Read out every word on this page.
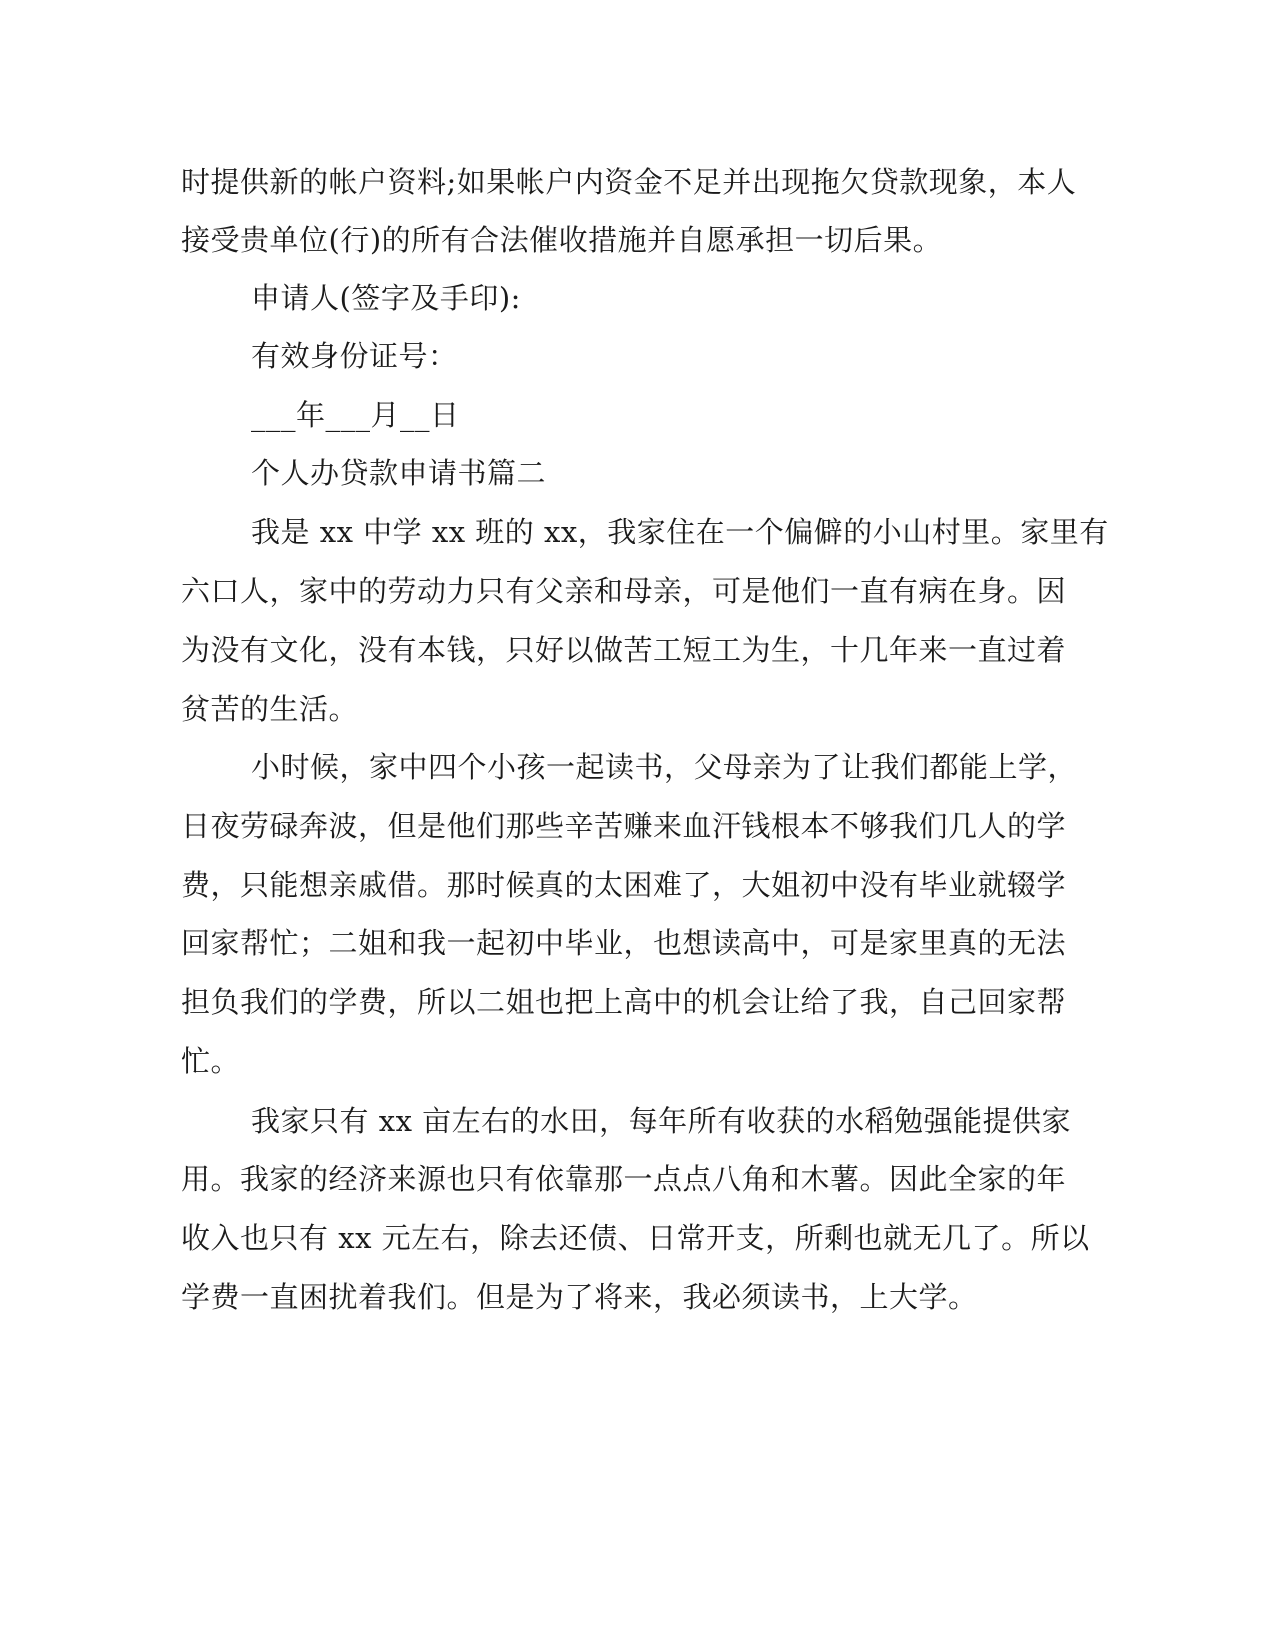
时提供新的帐户资料;如果帐户内资金不足并出现拖欠贷款现象，本人

接受贵单位(行)的所有合法催收措施并自愿承担一切后果。

申请人(签字及手印):

有效身份证号：

___年___月__日

个人办贷款申请书篇二

我是 xx 中学 xx 班的 xx，我家住在一个偏僻的小山村里。家里有

六口人，家中的劳动力只有父亲和母亲，可是他们一直有病在身。因

为没有文化，没有本钱，只好以做苦工短工为生，十几年来一直过着

贫苦的生活。

小时候，家中四个小孩一起读书，父母亲为了让我们都能上学，

日夜劳碌奔波，但是他们那些辛苦赚来血汗钱根本不够我们几人的学

费，只能想亲戚借。那时候真的太困难了，大姐初中没有毕业就辍学

回家帮忙；二姐和我一起初中毕业，也想读高中，可是家里真的无法

担负我们的学费，所以二姐也把上高中的机会让给了我，自己回家帮

忙。

我家只有 xx 亩左右的水田，每年所有收获的水稻勉强能提供家

用。我家的经济来源也只有依靠那一点点八角和木薯。因此全家的年

收入也只有 xx 元左右，除去还债、日常开支，所剩也就无几了。所以

学费一直困扰着我们。但是为了将来，我必须读书，上大学。
